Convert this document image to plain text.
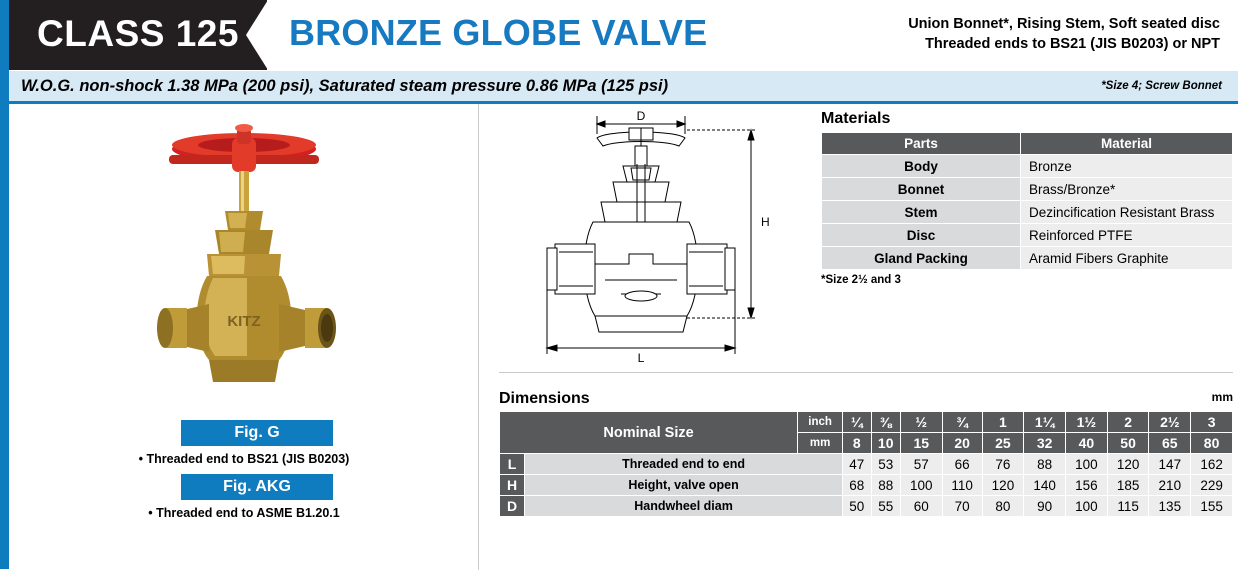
CLASS 125 BRONZE GLOBE VALVE	Union Bonnet*, Rising Stem, Soft seated disc
Threaded ends to BS21 (JIS B0203) or NPT
W.O.G. non-shock 1.38 MPa (200 psi), Saturated steam pressure 0.86 MPa (125 psi)	*Size 4; Screw Bonnet
KITZ
Fig. G
• Threaded end to BS21 (JIS B0203)
Fig. AKG
• Threaded end to ASME B1.20.1
D
H
L
Materials
Parts	Material
Body	Bronze
Bonnet	Brass/Bronze*
Stem	Dezincification Resistant Brass
Disc	Reinforced PTFE
Gland Packing	Aramid Fibers Graphite
*Size 2½ and 3
Dimensions	mm
Nominal Size		inch	¼	⅜	½	¾	1	1¼	1½	2	2½	3
		mm	8	10	15	20	25	32	40	50	65	80
L	Threaded end to end		47	53	57	66	76	88	100	120	147	162
H	Height, valve open		68	88	100	110	120	140	156	185	210	229
D	Handwheel diam		50	55	60	70	80	90	100	115	135	155
